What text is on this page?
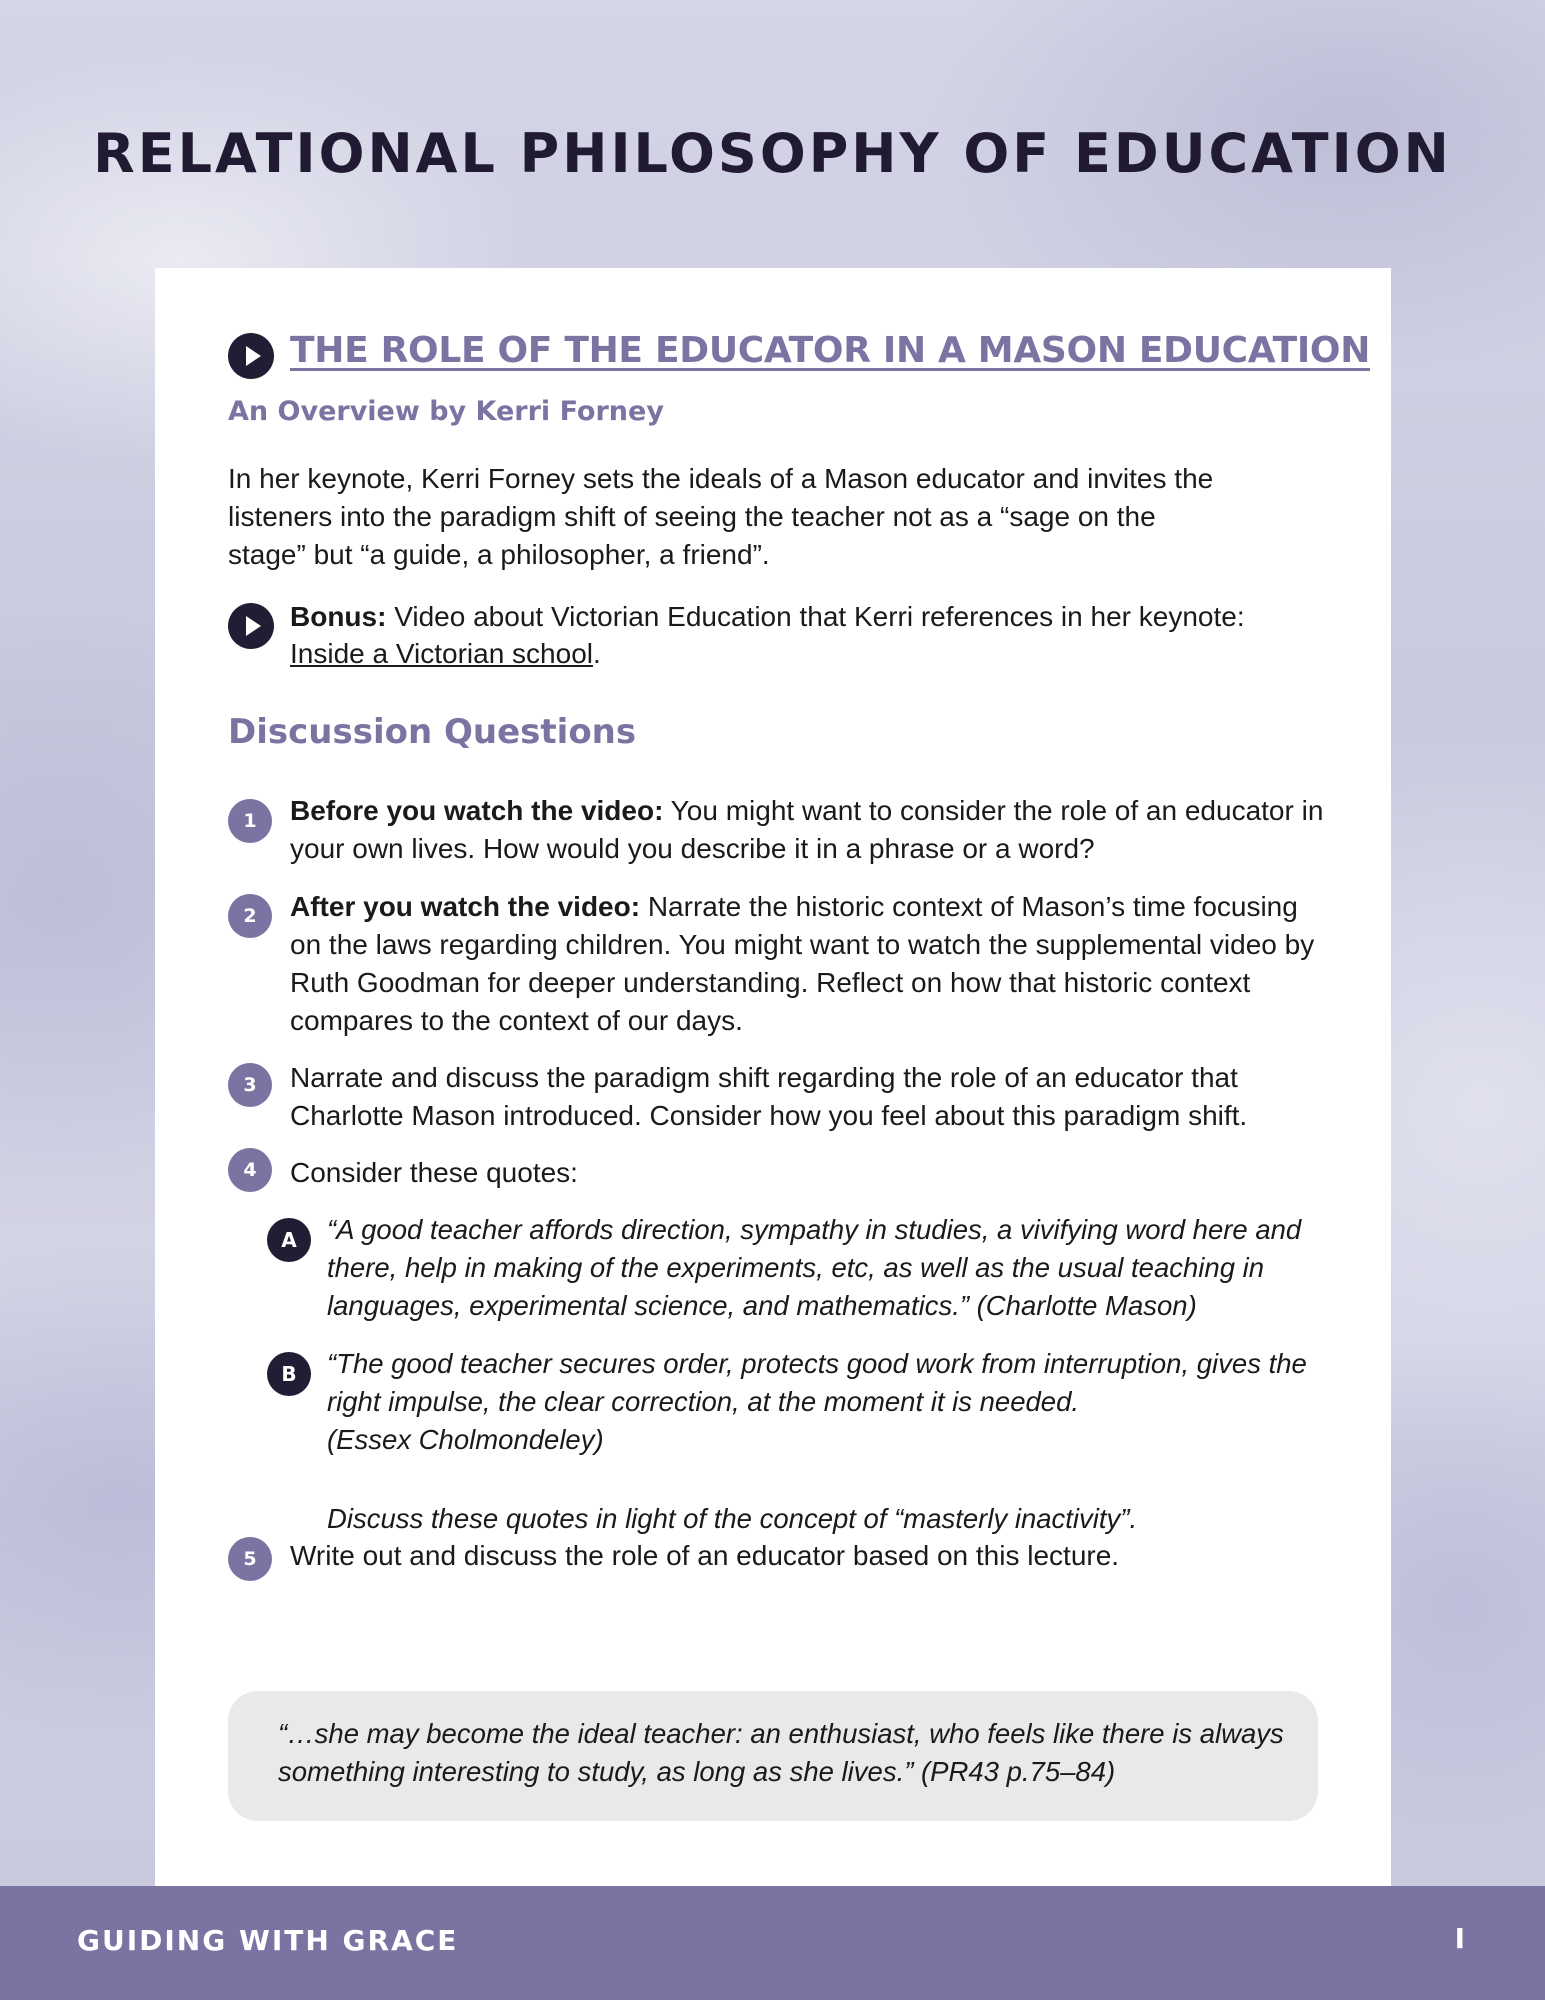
RELATIONAL PHILOSOPHY OF EDUCATION
THE ROLE OF THE EDUCATOR IN A MASON EDUCATION

An Overview by Kerri Forney

In her keynote, Kerri Forney sets the ideals of a Mason educator and invites the listeners into the paradigm shift of seeing the teacher not as a “sage on the stage” but “a guide, a philosopher, a friend”.

Bonus: Video about Victorian Education that Kerri references in her keynote: Inside a Victorian school.

Discussion Questions
1	Before you watch the video: You might want to consider the role of an educator in your own lives. How would you describe it in a phrase or a word?

2	After you watch the video: Narrate the historic context of Mason’s time focusing on the laws regarding children. You might want to watch the supplemental video by Ruth Goodman for deeper understanding. Reflect on how that historic context compares to the context of our days.

3	Narrate and discuss the paradigm shift regarding the role of an educator that Charlotte Mason introduced. Consider how you feel about this paradigm shift.

4	Consider these quotes:

A	“A good teacher affords direction, sympathy in studies, a vivifying word here and there, help in making of the experiments, etc, as well as the usual teaching in languages, experimental science, and mathematics.” (Charlotte Mason)

B	“The good teacher secures order, protects good work from interruption, gives the right impulse, the clear correction, at the moment it is needed.
(Essex Cholmondeley)

Discuss these quotes in light of the concept of “masterly inactivity”.

5	Write out and discuss the role of an educator based on this lecture.

“…she may become the ideal teacher: an enthusiast, who feels like there is always something interesting to study, as long as she lives.” (PR43 p.75–84)

GUIDING WITH GRACE	I
